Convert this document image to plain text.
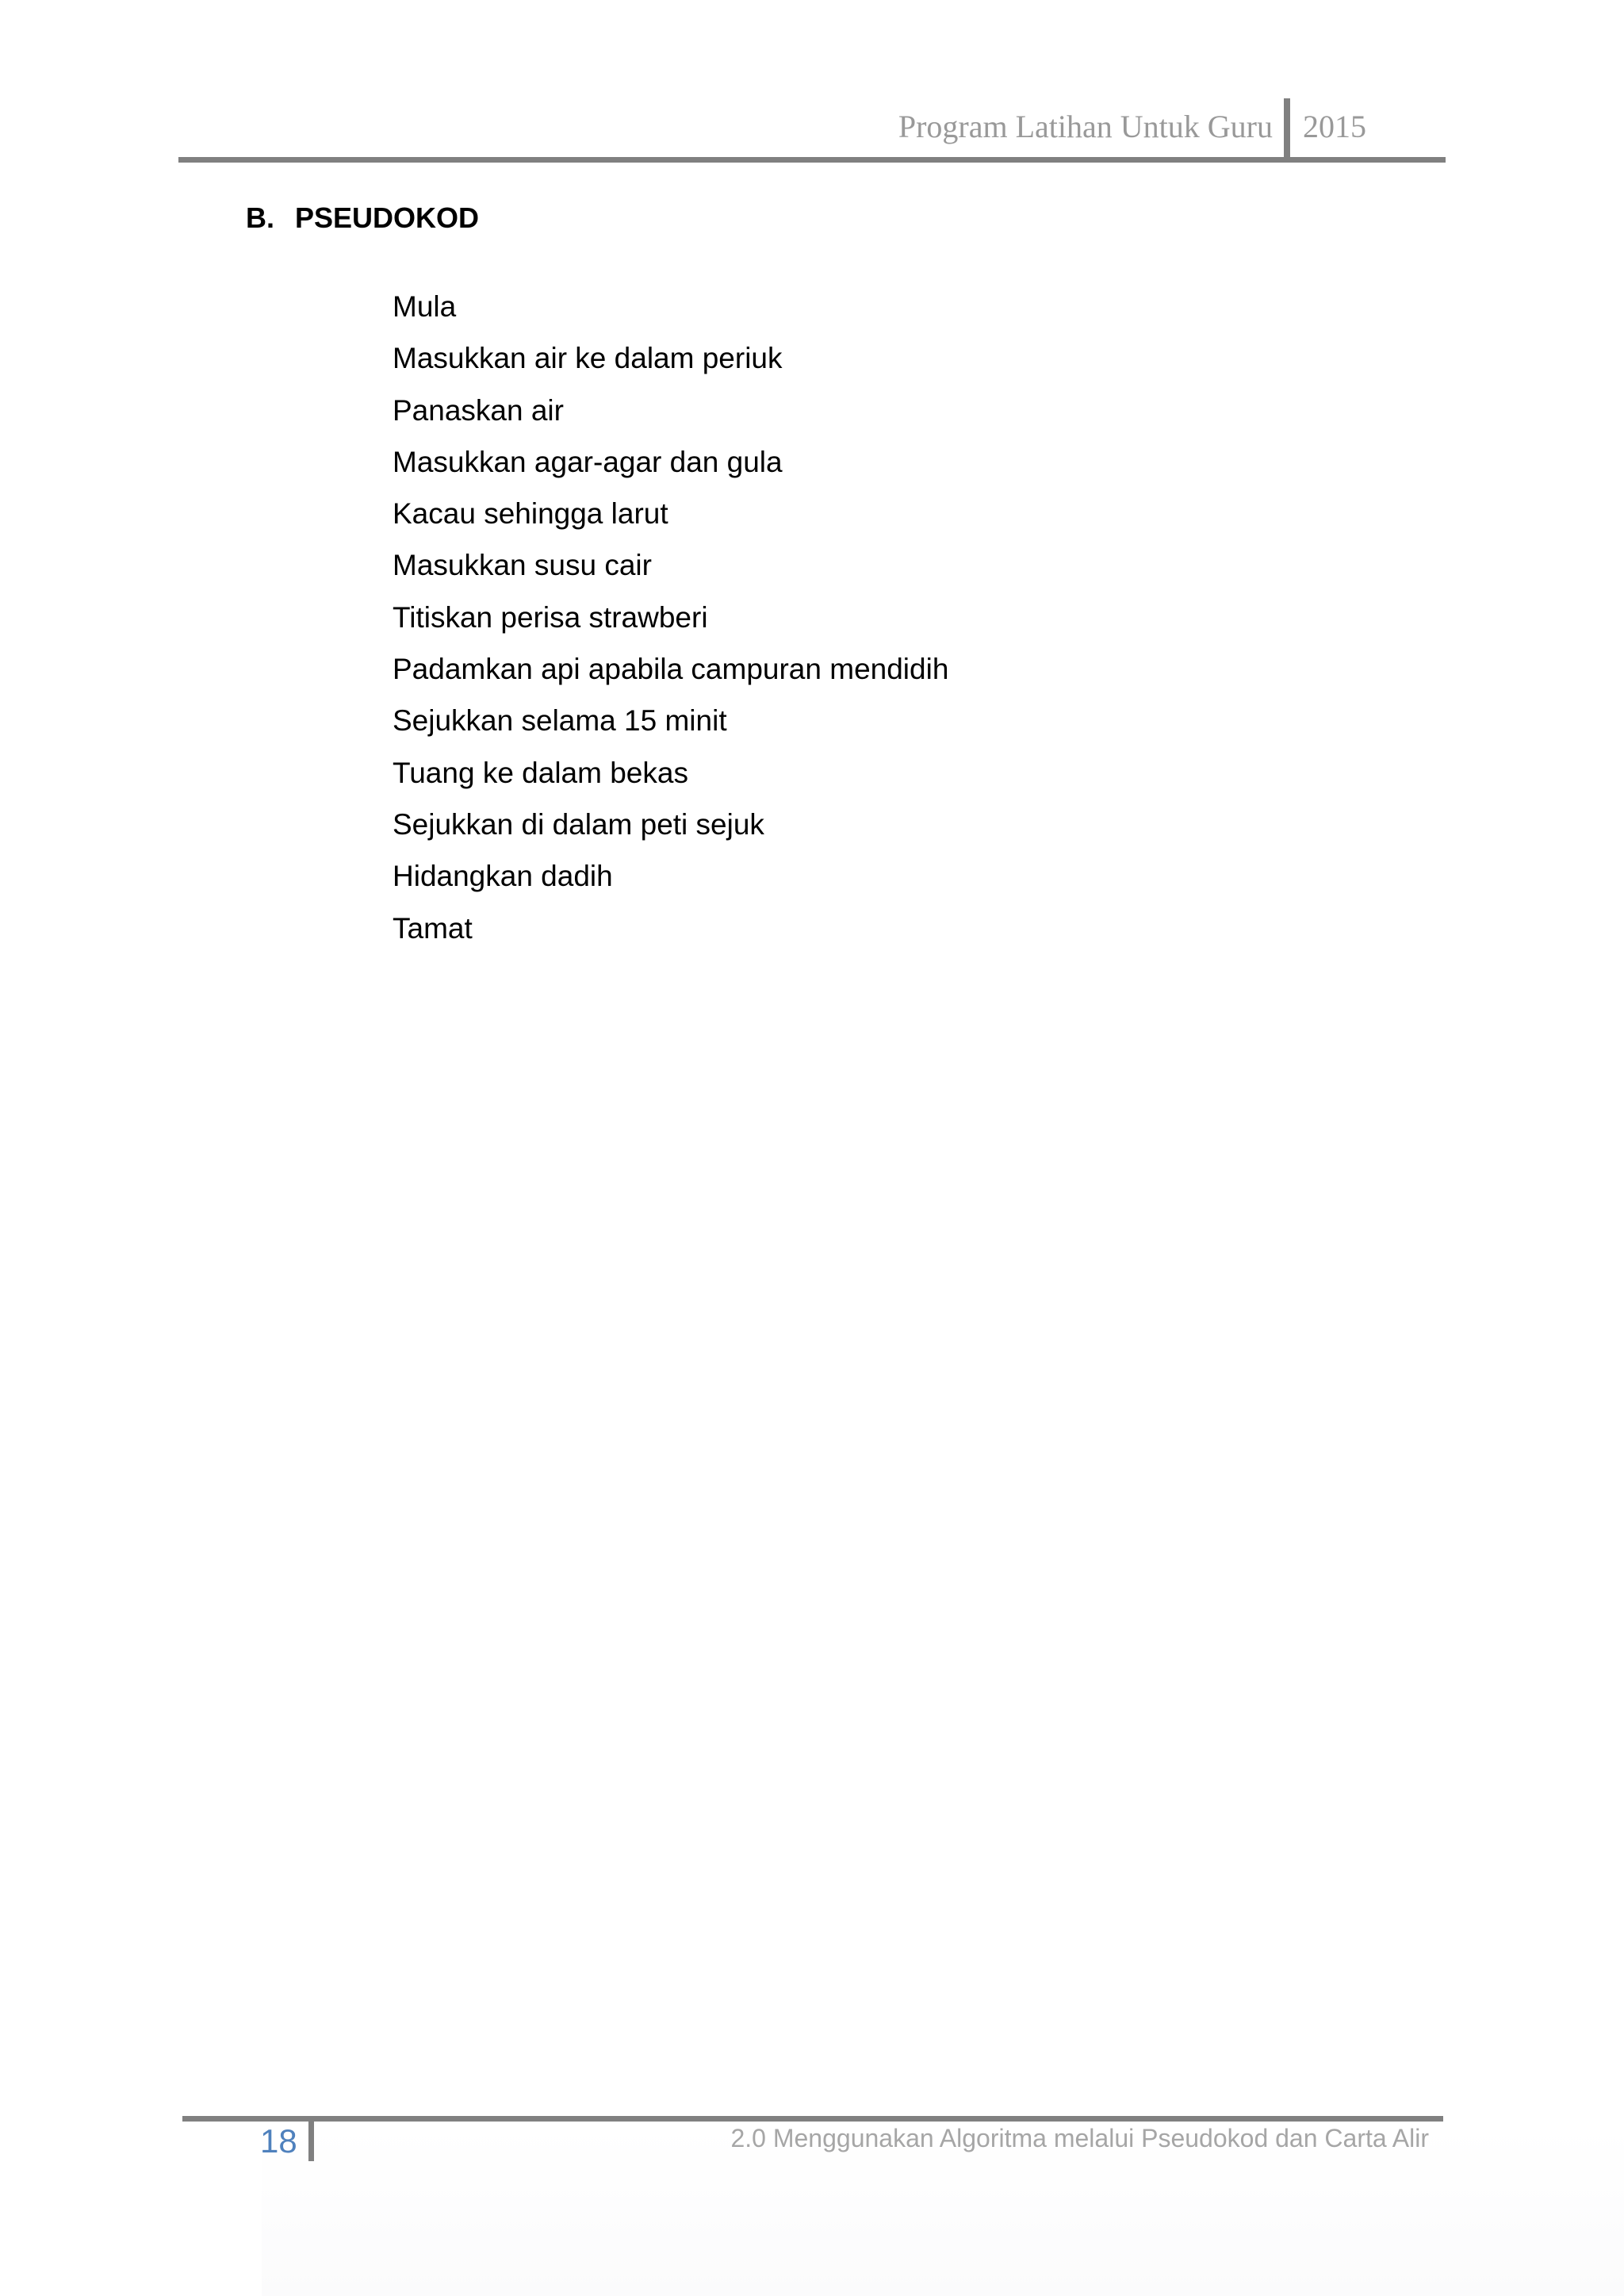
Program Latihan Untuk Guru 2015
B. PSEUDOKOD
Mula
Masukkan air ke dalam periuk
Panaskan air
Masukkan agar-agar dan gula
Kacau sehingga larut
Masukkan susu cair
Titiskan perisa strawberi
Padamkan api apabila campuran mendidih
Sejukkan selama 15 minit
Tuang ke dalam bekas
Sejukkan di dalam peti sejuk
Hidangkan dadih
Tamat
18	2.0 Menggunakan Algoritma melalui Pseudokod dan Carta Alir
